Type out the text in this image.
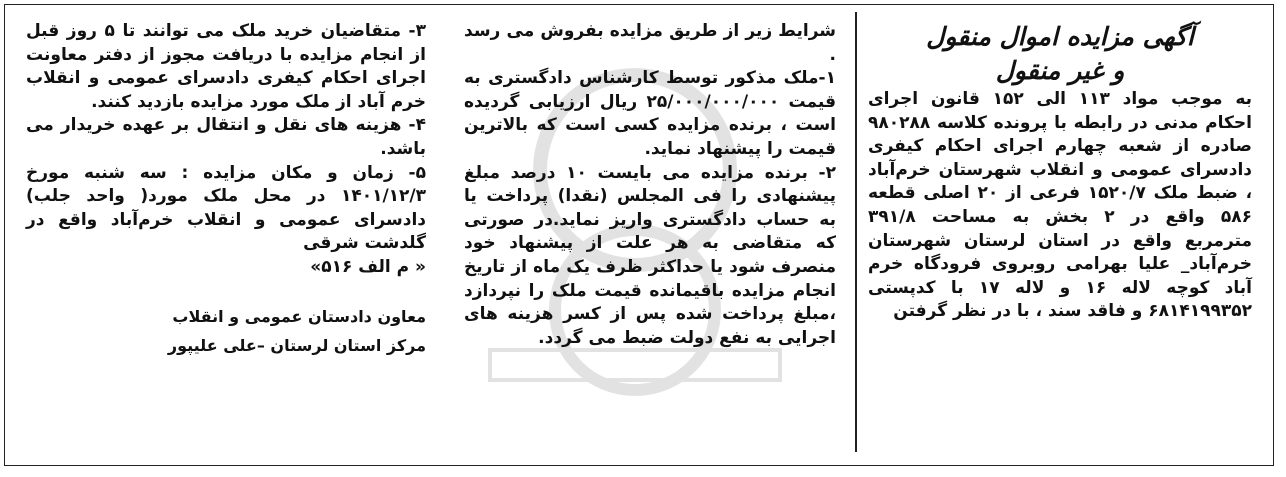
آگهی مزایده اموال منقول
و غیر منقول

به موجب مواد ۱۱۳ الی ۱۵۲ قانون اجرای احکام مدنی در رابطه با پرونده کلاسه ۹۸۰۲۸۸ صادره از شعبه چهارم اجرای احکام کیفری دادسرای عمومی و انقلاب شهرستان خرم‌آباد ، ضبط ملک ۱۵۲۰/۷ فرعی از ۲۰ اصلی قطعه ۵۸۶ واقع در ۲ بخش به مساحت ۳۹۱/۸ مترمربع واقع در استان لرستان شهرستان خرم‌آباد_ علیا بهرامی روبروی فرودگاه خرم آباد کوچه لاله ۱۶ و لاله ۱۷ با کدپستی ۶۸۱۴۱۹۹۳۵۲ و فاقد سند ، با در نظر گرفتن

شرایط زیر از طریق مزایده بفروش می رسد .

۱-ملک مذکور توسط کارشناس دادگستری به قیمت ۲۵/۰۰۰/۰۰۰/۰۰۰ ریال ارزیابی گردیده است ، برنده مزایده کسی است که بالاترین قیمت را پیشنهاد نماید.

۲- برنده مزایده می بایست ۱۰ درصد مبلغ پیشنهادی را فی المجلس (نقدا) پرداخت یا به حساب دادگستری واریز نماید.در صورتی که متقاضی به هر علت از پیشنهاد خود منصرف شود یا حداکثر ظرف یک ماه از تاریخ انجام مزایده باقیمانده قیمت ملک را نپردازد ،مبلغ پرداخت شده پس از کسر هزینه های اجرایی به نفع دولت ضبط می گردد.

۳- متقاضیان خرید ملک می توانند تا ۵ روز قبل از انجام مزایده با دریافت مجوز از دفتر معاونت اجرای احکام کیفری دادسرای عمومی و انقلاب خرم آباد از ملک مورد مزایده بازدید کنند.

۴- هزینه های نقل و انتقال بر عهده خریدار می باشد.

۵- زمان و مکان مزایده : سه شنبه مورخ ۱۴۰۱/۱۲/۳ در محل ملک مورد( واحد جلب) دادسرای عمومی و انقلاب خرم‌آباد واقع در گلدشت شرقی

« م الف ۵۱۶»

معاون دادستان عمومی و انقلاب
مرکز استان لرستان –علی علیپور
